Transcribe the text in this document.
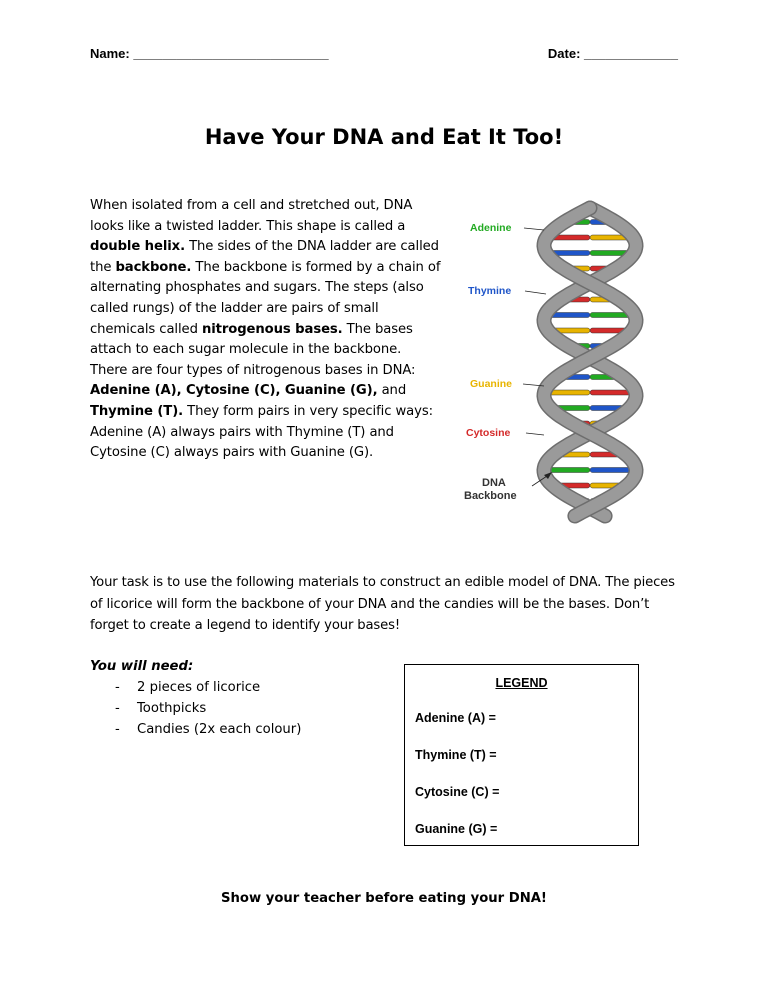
Name: ___________________________	Date: _____________
Have Your DNA and Eat It Too!

When isolated from a cell and stretched out, DNA looks like a twisted ladder. This shape is called a double helix. The sides of the DNA ladder are called the backbone. The backbone is formed by a chain of alternating phosphates and sugars. The steps (also called rungs) of the ladder are pairs of small chemicals called nitrogenous bases. The bases attach to each sugar molecule in the backbone. There are four types of nitrogenous bases in DNA: Adenine (A), Cytosine (C), Guanine (G), and Thymine (T). They form pairs in very specific ways: Adenine (A) always pairs with Thymine (T) and Cytosine (C) always pairs with Guanine (G).

Adenine
Thymine
Guanine
Cytosine
DNA
Backbone

Your task is to use the following materials to construct an edible model of DNA. The pieces of licorice will form the backbone of your DNA and the candies will be the bases. Don’t forget to create a legend to identify your bases!

You will need:
- 2 pieces of licorice
- Toothpicks
- Candies (2x each colour)
LEGEND
Adenine (A) =
Thymine (T) =
Cytosine (C) =
Guanine (G) =
Show your teacher before eating your DNA!
